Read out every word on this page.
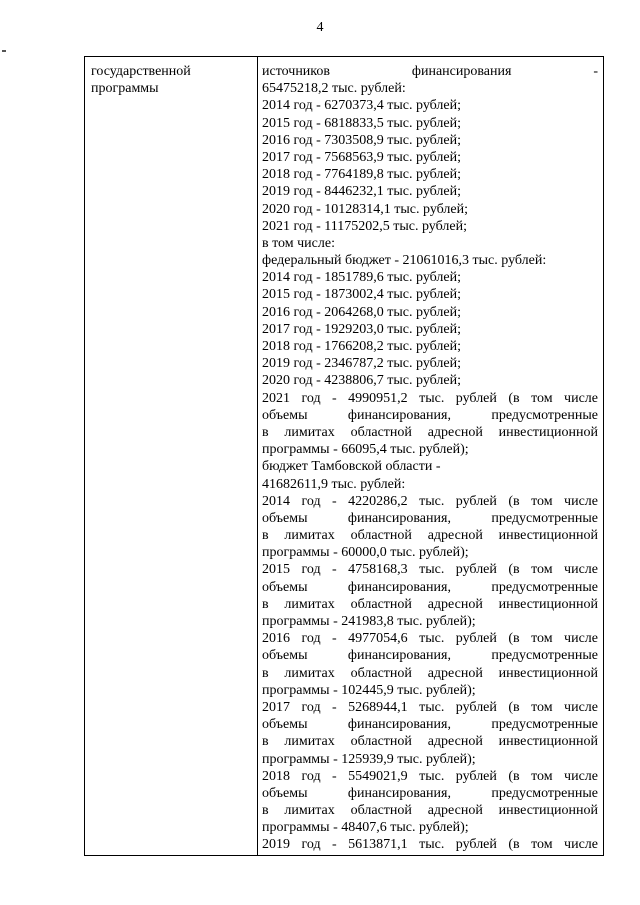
4
государственной
программы
источников финансирования -
65475218,2 тыс. рублей:
2014 год - 6270373,4 тыс. рублей;
2015 год - 6818833,5 тыс. рублей;
2016 год - 7303508,9 тыс. рублей;
2017 год - 7568563,9 тыс. рублей;
2018 год - 7764189,8 тыс. рублей;
2019 год - 8446232,1 тыс. рублей;
2020 год - 10128314,1 тыс. рублей;
2021 год - 11175202,5 тыс. рублей;
в том числе:
федеральный бюджет - 21061016,3 тыс. рублей:
2014 год - 1851789,6 тыс. рублей;
2015 год - 1873002,4 тыс. рублей;
2016 год - 2064268,0 тыс. рублей;
2017 год - 1929203,0 тыс. рублей;
2018 год - 1766208,2 тыс. рублей;
2019 год - 2346787,2 тыс. рублей;
2020 год - 4238806,7 тыс. рублей;
2021 год - 4990951,2 тыс. рублей (в том числе
объемы финансирования, предусмотренные
в лимитах областной адресной инвестиционной
программы - 66095,4 тыс. рублей);
бюджет Тамбовской области -
41682611,9 тыс. рублей:
2014 год - 4220286,2 тыс. рублей (в том числе
объемы финансирования, предусмотренные
в лимитах областной адресной инвестиционной
программы - 60000,0 тыс. рублей);
2015 год - 4758168,3 тыс. рублей (в том числе
объемы финансирования, предусмотренные
в лимитах областной адресной инвестиционной
программы - 241983,8 тыс. рублей);
2016 год - 4977054,6 тыс. рублей (в том числе
объемы финансирования, предусмотренные
в лимитах областной адресной инвестиционной
программы - 102445,9 тыс. рублей);
2017 год - 5268944,1 тыс. рублей (в том числе
объемы финансирования, предусмотренные
в лимитах областной адресной инвестиционной
программы - 125939,9 тыс. рублей);
2018 год - 5549021,9 тыс. рублей (в том числе
объемы финансирования, предусмотренные
в лимитах областной адресной инвестиционной
программы - 48407,6 тыс. рублей);
2019 год - 5613871,1 тыс. рублей (в том числе
